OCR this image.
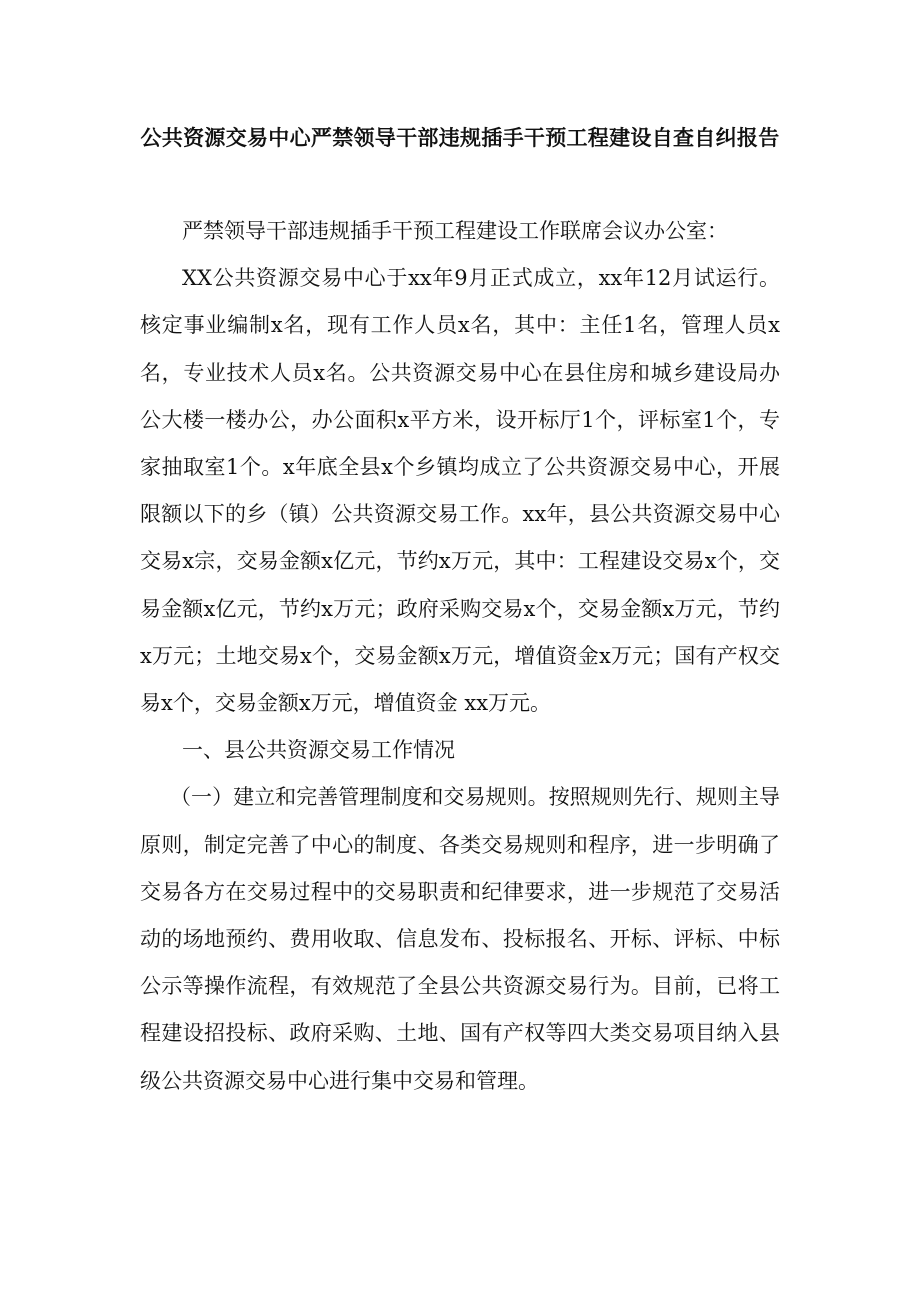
公共资源交易中心严禁领导干部违规插手干预工程建设自查自纠报告

严禁领导干部违规插手干预工程建设工作联席会议办公室：

XX公共资源交易中心于xx年9月正式成立，xx年12月试运行。核定事业编制x名，现有工作人员x名，其中：主任1名，管理人员x名，专业技术人员x名。公共资源交易中心在县住房和城乡建设局办公大楼一楼办公，办公面积x平方米，设开标厅1个，评标室1个，专家抽取室1个。x年底全县x个乡镇均成立了公共资源交易中心，开展限额以下的乡（镇）公共资源交易工作。xx年，县公共资源交易中心交易x宗，交易金额x亿元，节约x万元，其中：工程建设交易x个，交易金额x亿元，节约x万元；政府采购交易x个，交易金额x万元，节约x万元；土地交易x个，交易金额x万元，增值资金x万元；国有产权交易x个，交易金额x万元，增值资金 xx万元。

一、县公共资源交易工作情况

（一）建立和完善管理制度和交易规则。按照规则先行、规则主导原则，制定完善了中心的制度、各类交易规则和程序，进一步明确了交易各方在交易过程中的交易职责和纪律要求，进一步规范了交易活动的场地预约、费用收取、信息发布、投标报名、开标、评标、中标公示等操作流程，有效规范了全县公共资源交易行为。目前，已将工程建设招投标、政府采购、土地、国有产权等四大类交易项目纳入县级公共资源交易中心进行集中交易和管理。
